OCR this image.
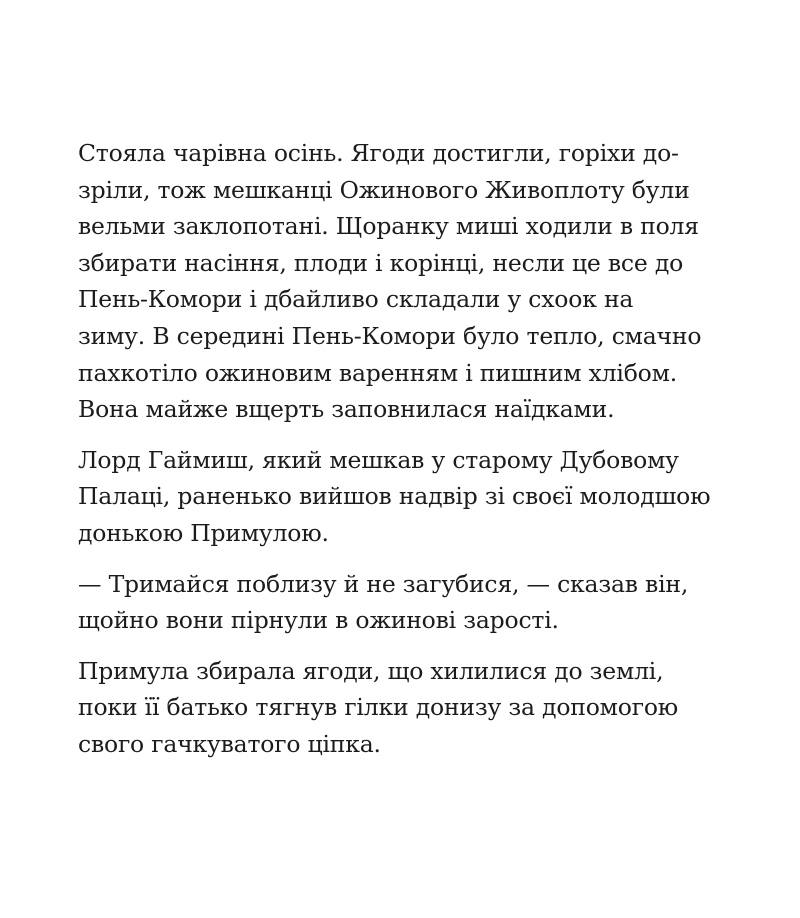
Стояла чарівна осінь. Ягоди достигли, горіхи до-
зріли, тож мешканці Ожинового Живоплоту були
вельми заклопотані. Щоранку миші ходили в поля
збирати насіння, плоди і корінці, несли це все до
Пень-Комори і дбайливо складали у схоок на
зиму. В середині Пень-Комори було тепло, смачно
пахкотіло ожиновим варенням і пишним хлібом.
Вона майже вщерть заповнилася наїдками.

Лорд Гаймиш, який мешкав у старому Дубовому
Палаці, раненько вийшов надвір зі своєї молодшою
донькою Примулою.

— Тримайся поблизу й не загубися, — сказав він,
щойно вони пірнули в ожинові зарості.

Примула збирала ягоди, що хилилися до землі,
поки її батько тягнув гілки донизу за допомогою
свого гачкуватого ціпка.
